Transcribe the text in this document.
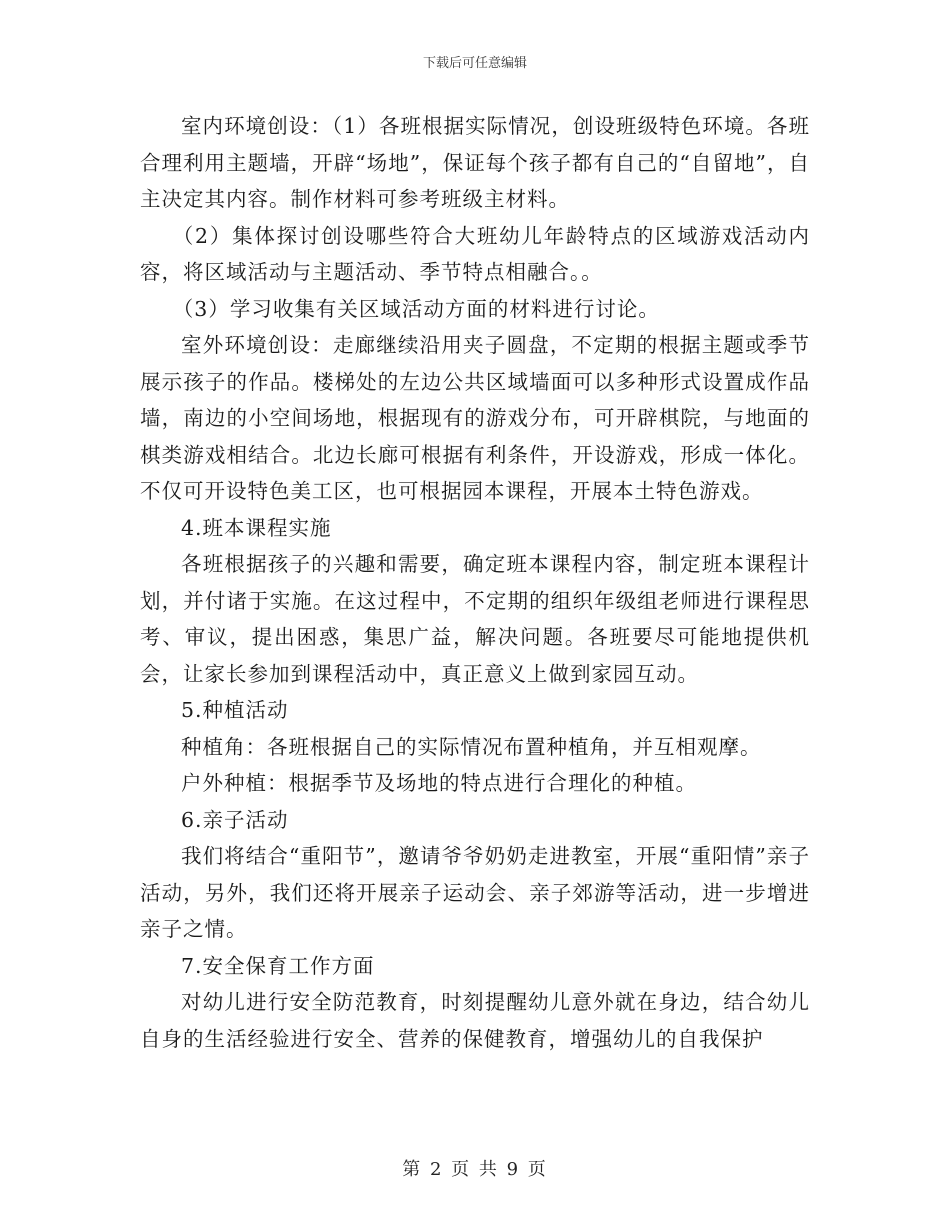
下载后可任意编辑

室内环境创设：（1）各班根据实际情况，创设班级特色环境。各班合理利用主题墙，开辟“场地”，保证每个孩子都有自己的“自留地”，自主决定其内容。制作材料可参考班级主材料。

（2）集体探讨创设哪些符合大班幼儿年龄特点的区域游戏活动内容，将区域活动与主题活动、季节特点相融合。。

（3）学习收集有关区域活动方面的材料进行讨论。

室外环境创设：走廊继续沿用夹子圆盘，不定期的根据主题或季节展示孩子的作品。楼梯处的左边公共区域墙面可以多种形式设置成作品墙，南边的小空间场地，根据现有的游戏分布，可开辟棋院，与地面的棋类游戏相结合。北边长廊可根据有利条件，开设游戏，形成一体化。不仅可开设特色美工区，也可根据园本课程，开展本土特色游戏。

4.班本课程实施

各班根据孩子的兴趣和需要，确定班本课程内容，制定班本课程计划，并付诸于实施。在这过程中，不定期的组织年级组老师进行课程思考、审议，提出困惑，集思广益，解决问题。各班要尽可能地提供机会，让家长参加到课程活动中，真正意义上做到家园互动。

5.种植活动

种植角：各班根据自己的实际情况布置种植角，并互相观摩。

户外种植：根据季节及场地的特点进行合理化的种植。

6.亲子活动

我们将结合“重阳节”，邀请爷爷奶奶走进教室，开展“重阳情”亲子活动，另外，我们还将开展亲子运动会、亲子郊游等活动，进一步增进亲子之情。

7.安全保育工作方面

对幼儿进行安全防范教育，时刻提醒幼儿意外就在身边，结合幼儿自身的生活经验进行安全、营养的保健教育，增强幼儿的自我保护

第 2 页 共 9 页
